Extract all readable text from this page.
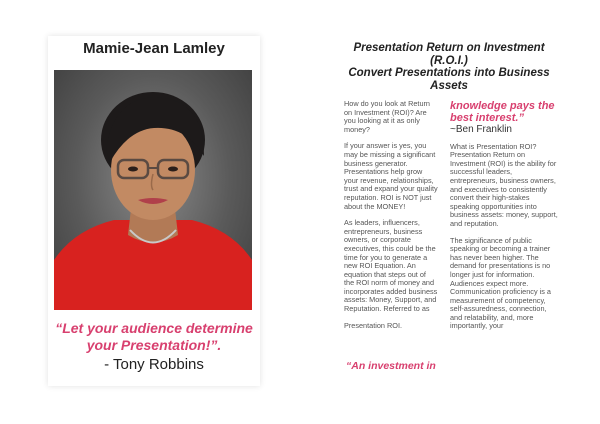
Mamie-Jean Lamley
“Let your audience determine your Presentation!”.
- Tony Robbins
Presentation Return on Investment
(R.O.I.)
Convert Presentations into Business
Assets

How do you look at Return on Investment (ROI)? Are you looking at it as only money?

If your answer is yes, you may be missing a significant business generator. Presentations help grow your revenue, relationships, trust and expand your quality reputation. ROI is NOT just about the MONEY!

As leaders, influencers, entrepreneurs, business owners, or corporate executives, this could be the time for you to generate a new ROI Equation. An equation that steps out of the ROI norm of money and incorporates added business assets: Money, Support, and Reputation. Referred to as

Presentation ROI.

“An investment in
knowledge pays the best interest.”
~Ben Franklin

What is Presentation ROI? Presentation Return on Investment (ROI) is the ability for successful leaders, entrepreneurs, business owners, and executives to consistently convert their high-stakes speaking opportunities into business assets: money, support, and reputation.

The significance of public speaking or becoming a trainer has never been higher. The demand for presentations is no longer just for information. Audiences expect more. Communication proficiency is a measurement of competency, self-assuredness, connection, and relatability, and, more importantly, your
